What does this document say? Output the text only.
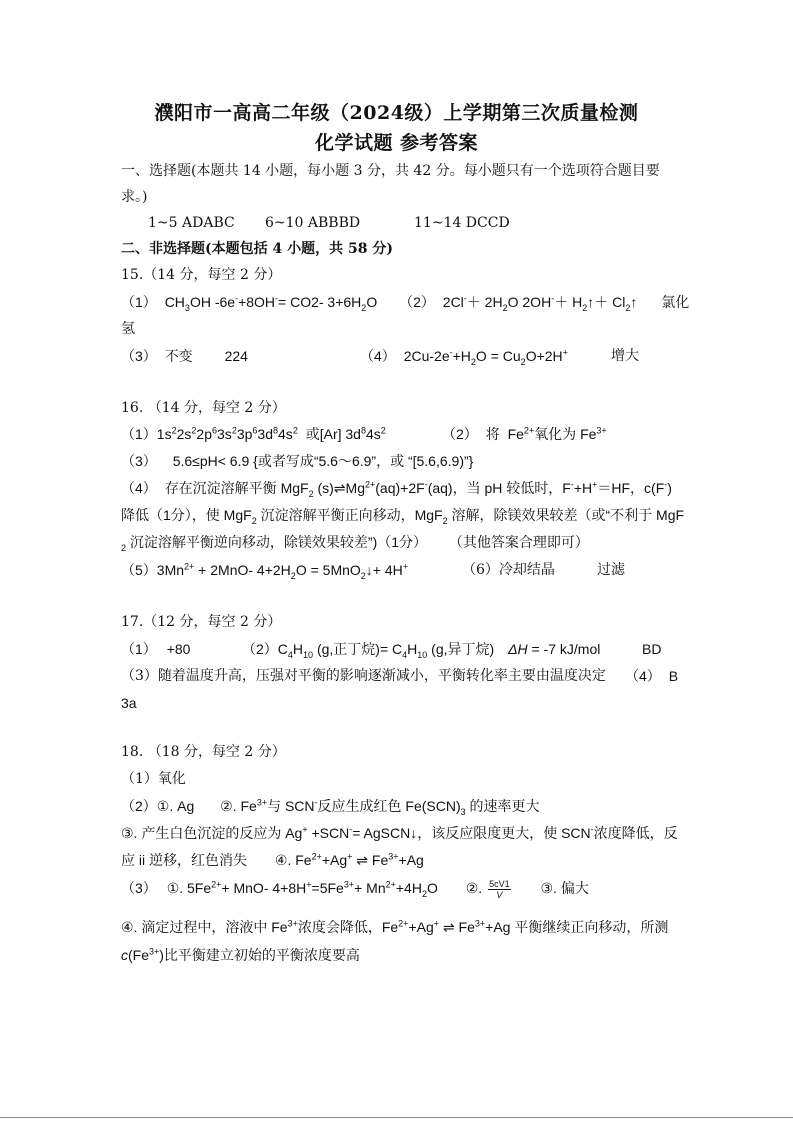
濮阳市一高高二年级（2024级）上学期第三次质量检测
化学试题 参考答案
一、选择题(本题共 14 小题，每小题 3 分，共 42 分。每小题只有一个选项符合题目要
求。)
1~5 ADABC 6~10 ABBBD	11~14 DCCD
二、非选择题(本题包括 4 小题，共 58 分)
15.（14 分，每空 2 分）
（1） $CH_3OH$ -6e-+8OH-= CO2- $3+6H_2O$ （2） $2Cl^-+ 2H_2O$ $2OH^-+ H_2↑+$ $Cl_2↑$ 氯化
氢
（3） 不变 224	（4） $2Cu-2e^-+H_2O = Cu_2O+2H^+$	增大
16. （14 分，每空 2 分）
$(1)1s^22s^22p^63s^23p^63d^84s^2$ 或[Ar] $3d^84s^2$	（2） 将 $Fe^{2+}$氧化为 $Fe^{3+}$
（3） 5.6≤pH< 6.9 {或者写成“5.6～6.9”，或 “[5.6,6.9)”}
（4） 存在沉淀溶解平衡 MgF$_2$ $(s)\rightleftharpoons Mg^{2+}(aq)+2F^-(aq)$，当 pH 较低时，F-+H+＝HF，c(F-)
降低（1分），使 MgF$_2$ 沉淀溶解平衡正向移动，MgF$_2$ 溶解，除镁效果较差（或“不利于 MgF
$_2$ 沉淀溶解平衡逆向移动，除镁效果较差”)（1分） （其他答案合理即可）
$(5)3Mn^{2+} + 2MnO-$ $4+2H_2O$ = 5MnO$_2$↓+ 4H+	（6）冷却结晶	过滤
17.（12 分，每空 2 分）
（1） +80	$(2)C_4H_{10}$ (g,正丁烷)= $C_4H_{10}$ (g,异丁烷) ΔH = -7 kJ/mol	BD
（3）随着温度升高，压强对平衡的影响逐渐减小，平衡转化率主要由温度决定 （4） B
3a
18. （18 分，每空 2 分）
（1）氧化
（2）①. Ag ②. $Fe^{3+}$与 SCN-反应生成红色 $Fe(SCN)_3$ 的速率更大
③. 产生白色沉淀的反应为 Ag+ +SCN-= AgSCN↓，该反应限度更大，使 SCN-浓度降低，反
应 ii 逆移，红色消失 ④. $Fe^{2+}+Ag^+$ ⇌ $Fe^{3+}+Ag$
（3） ①. $5Fe^{2+}+ MnO-$ $4+8H^+=5Fe^{3+}+ Mn^{2+}+4H_2O$ ②. $\frac{5cV1}{V}$ ③. 偏大
④. 滴定过程中，溶液中 $Fe^{3+}$浓度会降低，$Fe^{2+}+Ag^+$ ⇌ $Fe^{3+}+Ag$ 平衡继续正向移动，所测
$c(Fe^{3+})$比平衡建立初始的平衡浓度要高
